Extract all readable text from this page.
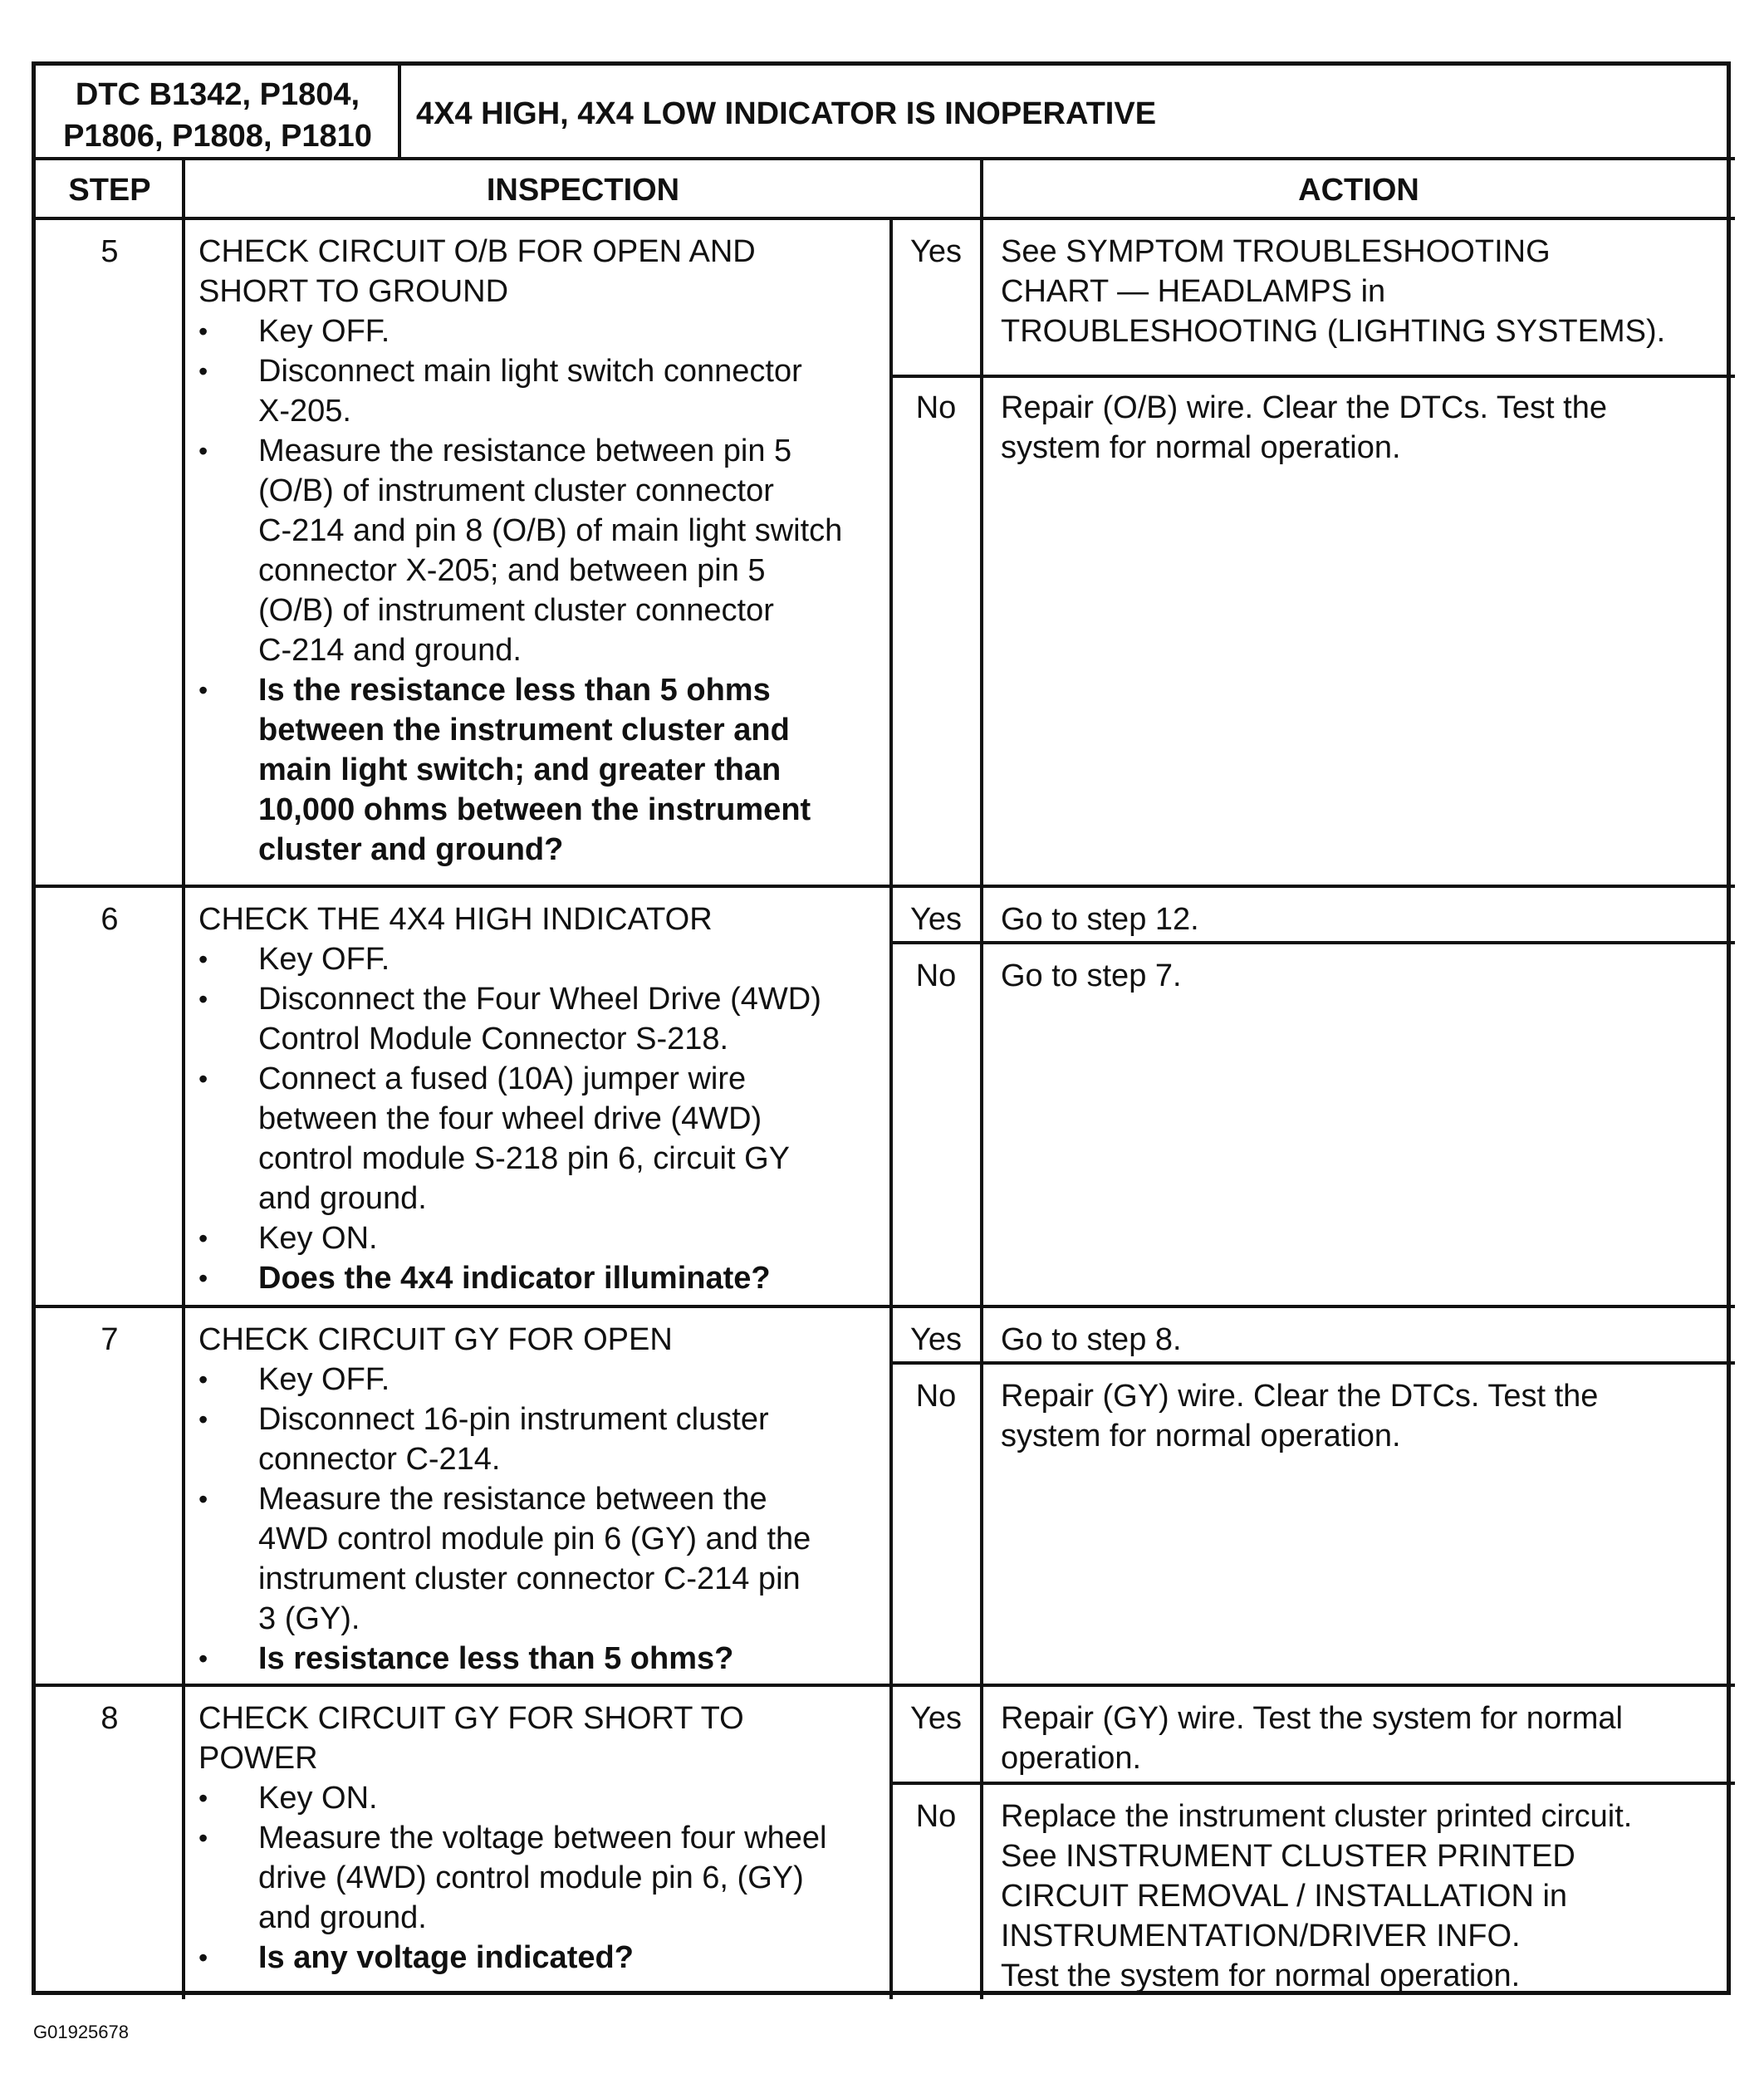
DTC B1342, P1804,
P1806, P1808, P1810
4X4 HIGH, 4X4 LOW INDICATOR IS INOPERATIVE
STEP	INSPECTION	ACTION
5	CHECK CIRCUIT O/B FOR OPEN AND
SHORT TO GROUND
• Key OFF.
• Disconnect main light switch connector
X-205.
• Measure the resistance between pin 5
(O/B) of instrument cluster connector
C-214 and pin 8 (O/B) of main light switch
connector X-205; and between pin 5
(O/B) of instrument cluster connector
C-214 and ground.
• Is the resistance less than 5 ohms
between the instrument cluster and
main light switch; and greater than
10,000 ohms between the instrument
cluster and ground?
Yes	See SYMPTOM TROUBLESHOOTING
CHART — HEADLAMPS in
TROUBLESHOOTING (LIGHTING SYSTEMS).
No	Repair (O/B) wire. Clear the DTCs. Test the
system for normal operation.
6	CHECK THE 4X4 HIGH INDICATOR
• Key OFF.
• Disconnect the Four Wheel Drive (4WD)
Control Module Connector S-218.
• Connect a fused (10A) jumper wire
between the four wheel drive (4WD)
control module S-218 pin 6, circuit GY
and ground.
• Key ON.
• Does the 4x4 indicator illuminate?
Yes	Go to step 12.
No	Go to step 7.
7	CHECK CIRCUIT GY FOR OPEN
• Key OFF.
• Disconnect 16-pin instrument cluster
connector C-214.
• Measure the resistance between the
4WD control module pin 6 (GY) and the
instrument cluster connector C-214 pin
3 (GY).
• Is resistance less than 5 ohms?
Yes	Go to step 8.
No	Repair (GY) wire. Clear the DTCs. Test the
system for normal operation.
8	CHECK CIRCUIT GY FOR SHORT TO
POWER
• Key ON.
• Measure the voltage between four wheel
drive (4WD) control module pin 6, (GY)
and ground.
• Is any voltage indicated?
Yes	Repair (GY) wire. Test the system for normal
operation.
No	Replace the instrument cluster printed circuit.
See INSTRUMENT CLUSTER PRINTED
CIRCUIT REMOVAL / INSTALLATION in
INSTRUMENTATION/DRIVER INFO.
Test the system for normal operation.
G01925678
